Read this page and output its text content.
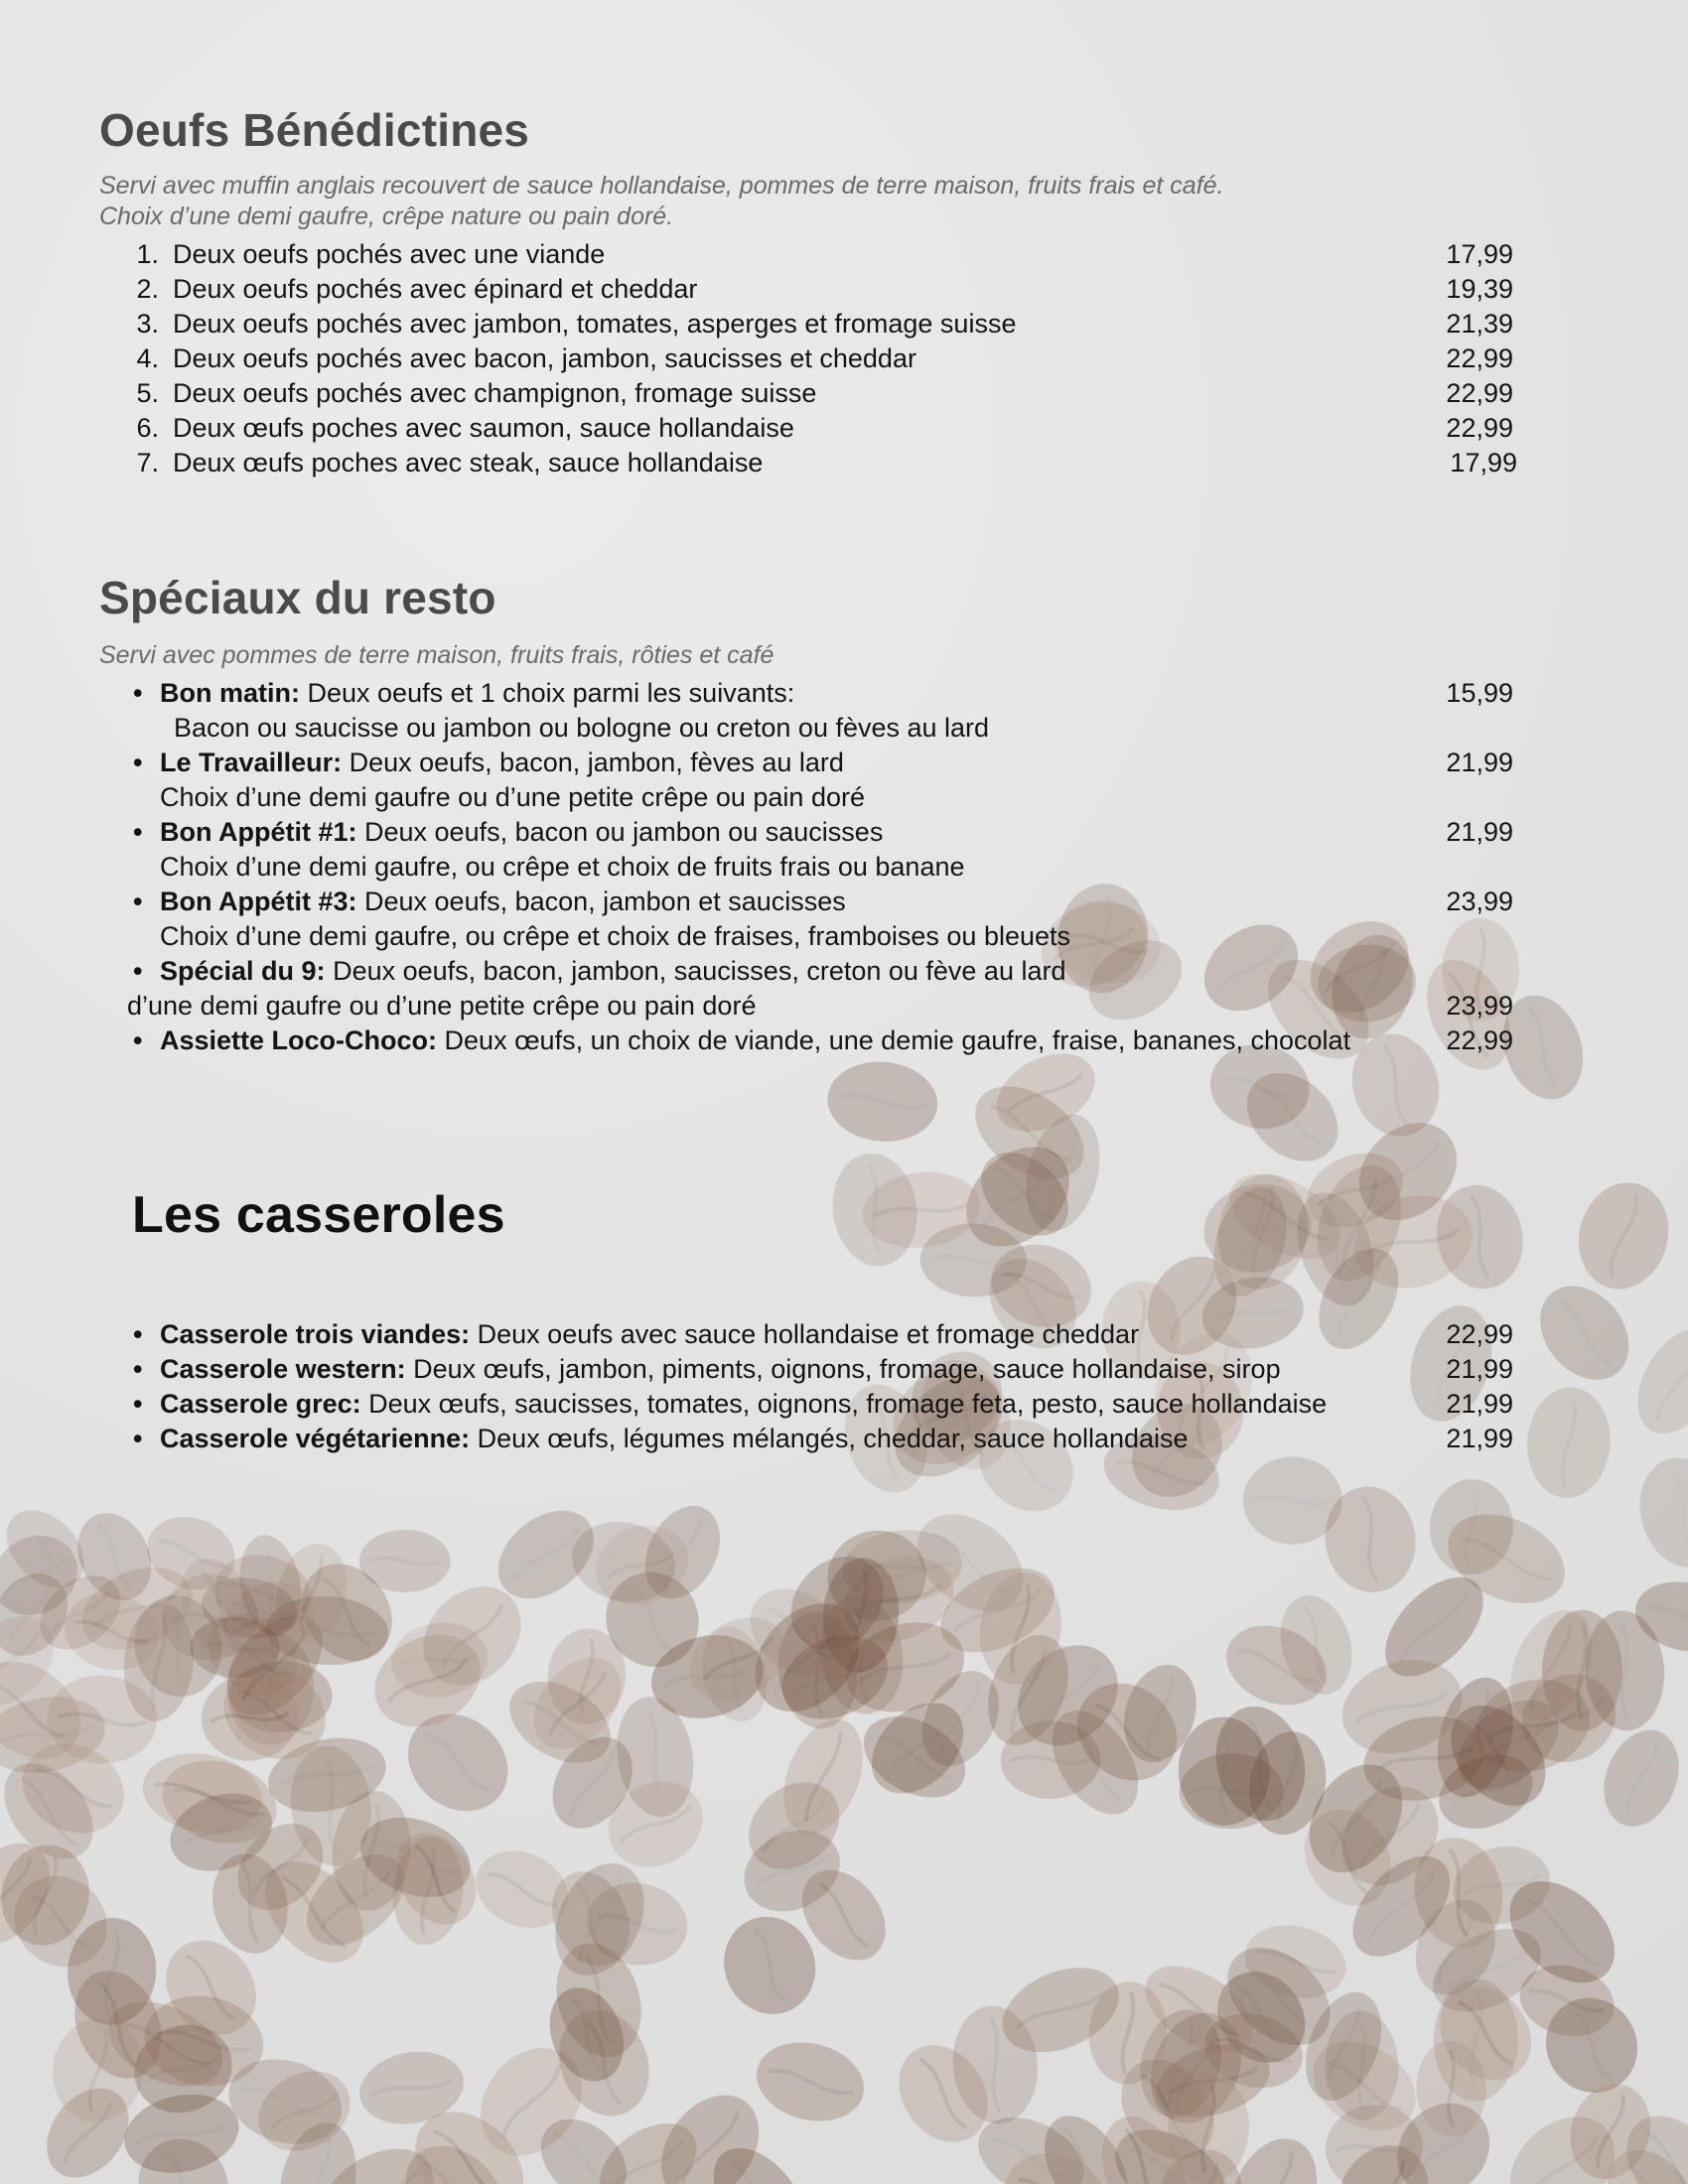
Oeufs Bénédictines

Servi avec muffin anglais recouvert de sauce hollandaise, pommes de terre maison, fruits frais et café.

Choix d’une demi gaufre, crêpe nature ou pain doré.

1. Deux oeufs pochés avec une viande	17,99
2. Deux oeufs pochés avec épinard et cheddar	19,39
3. Deux oeufs pochés avec jambon, tomates, asperges et fromage suisse	21,39
4. Deux oeufs pochés avec bacon, jambon, saucisses et cheddar	22,99
5. Deux oeufs pochés avec champignon, fromage suisse	22,99
6. Deux œufs poches avec saumon, sauce hollandaise	22,99
7. Deux œufs poches avec steak, sauce hollandaise	17,99
Spéciaux du resto

Servi avec pommes de terre maison, fruits frais, rôties et café

• Bon matin: Deux oeufs et 1 choix parmi les suivants:	15,99
Bacon ou saucisse ou jambon ou bologne ou creton ou fèves au lard
• Le Travailleur: Deux oeufs, bacon, jambon, fèves au lard	21,99
Choix d’une demi gaufre ou d’une petite crêpe ou pain doré
• Bon Appétit #1: Deux oeufs, bacon ou jambon ou saucisses	21,99
Choix d’une demi gaufre, ou crêpe et choix de fruits frais ou banane
• Bon Appétit #3: Deux oeufs, bacon, jambon et saucisses	23,99
Choix d’une demi gaufre, ou crêpe et choix de fraises, framboises ou bleuets
• Spécial du 9: Deux oeufs, bacon, jambon, saucisses, creton ou fève au lard
d’une demi gaufre ou d’une petite crêpe ou pain doré	23,99
• Assiette Loco-Choco: Deux œufs, un choix de viande, une demie gaufre, fraise, bananes, chocolat	22,99
Les casseroles
• Casserole trois viandes: Deux oeufs avec sauce hollandaise et fromage cheddar	22,99
• Casserole western: Deux œufs, jambon, piments, oignons, fromage, sauce hollandaise, sirop	21,99
• Casserole grec: Deux œufs, saucisses, tomates, oignons, fromage feta, pesto, sauce hollandaise	21,99
• Casserole végétarienne: Deux œufs, légumes mélangés, cheddar, sauce hollandaise	21,99
